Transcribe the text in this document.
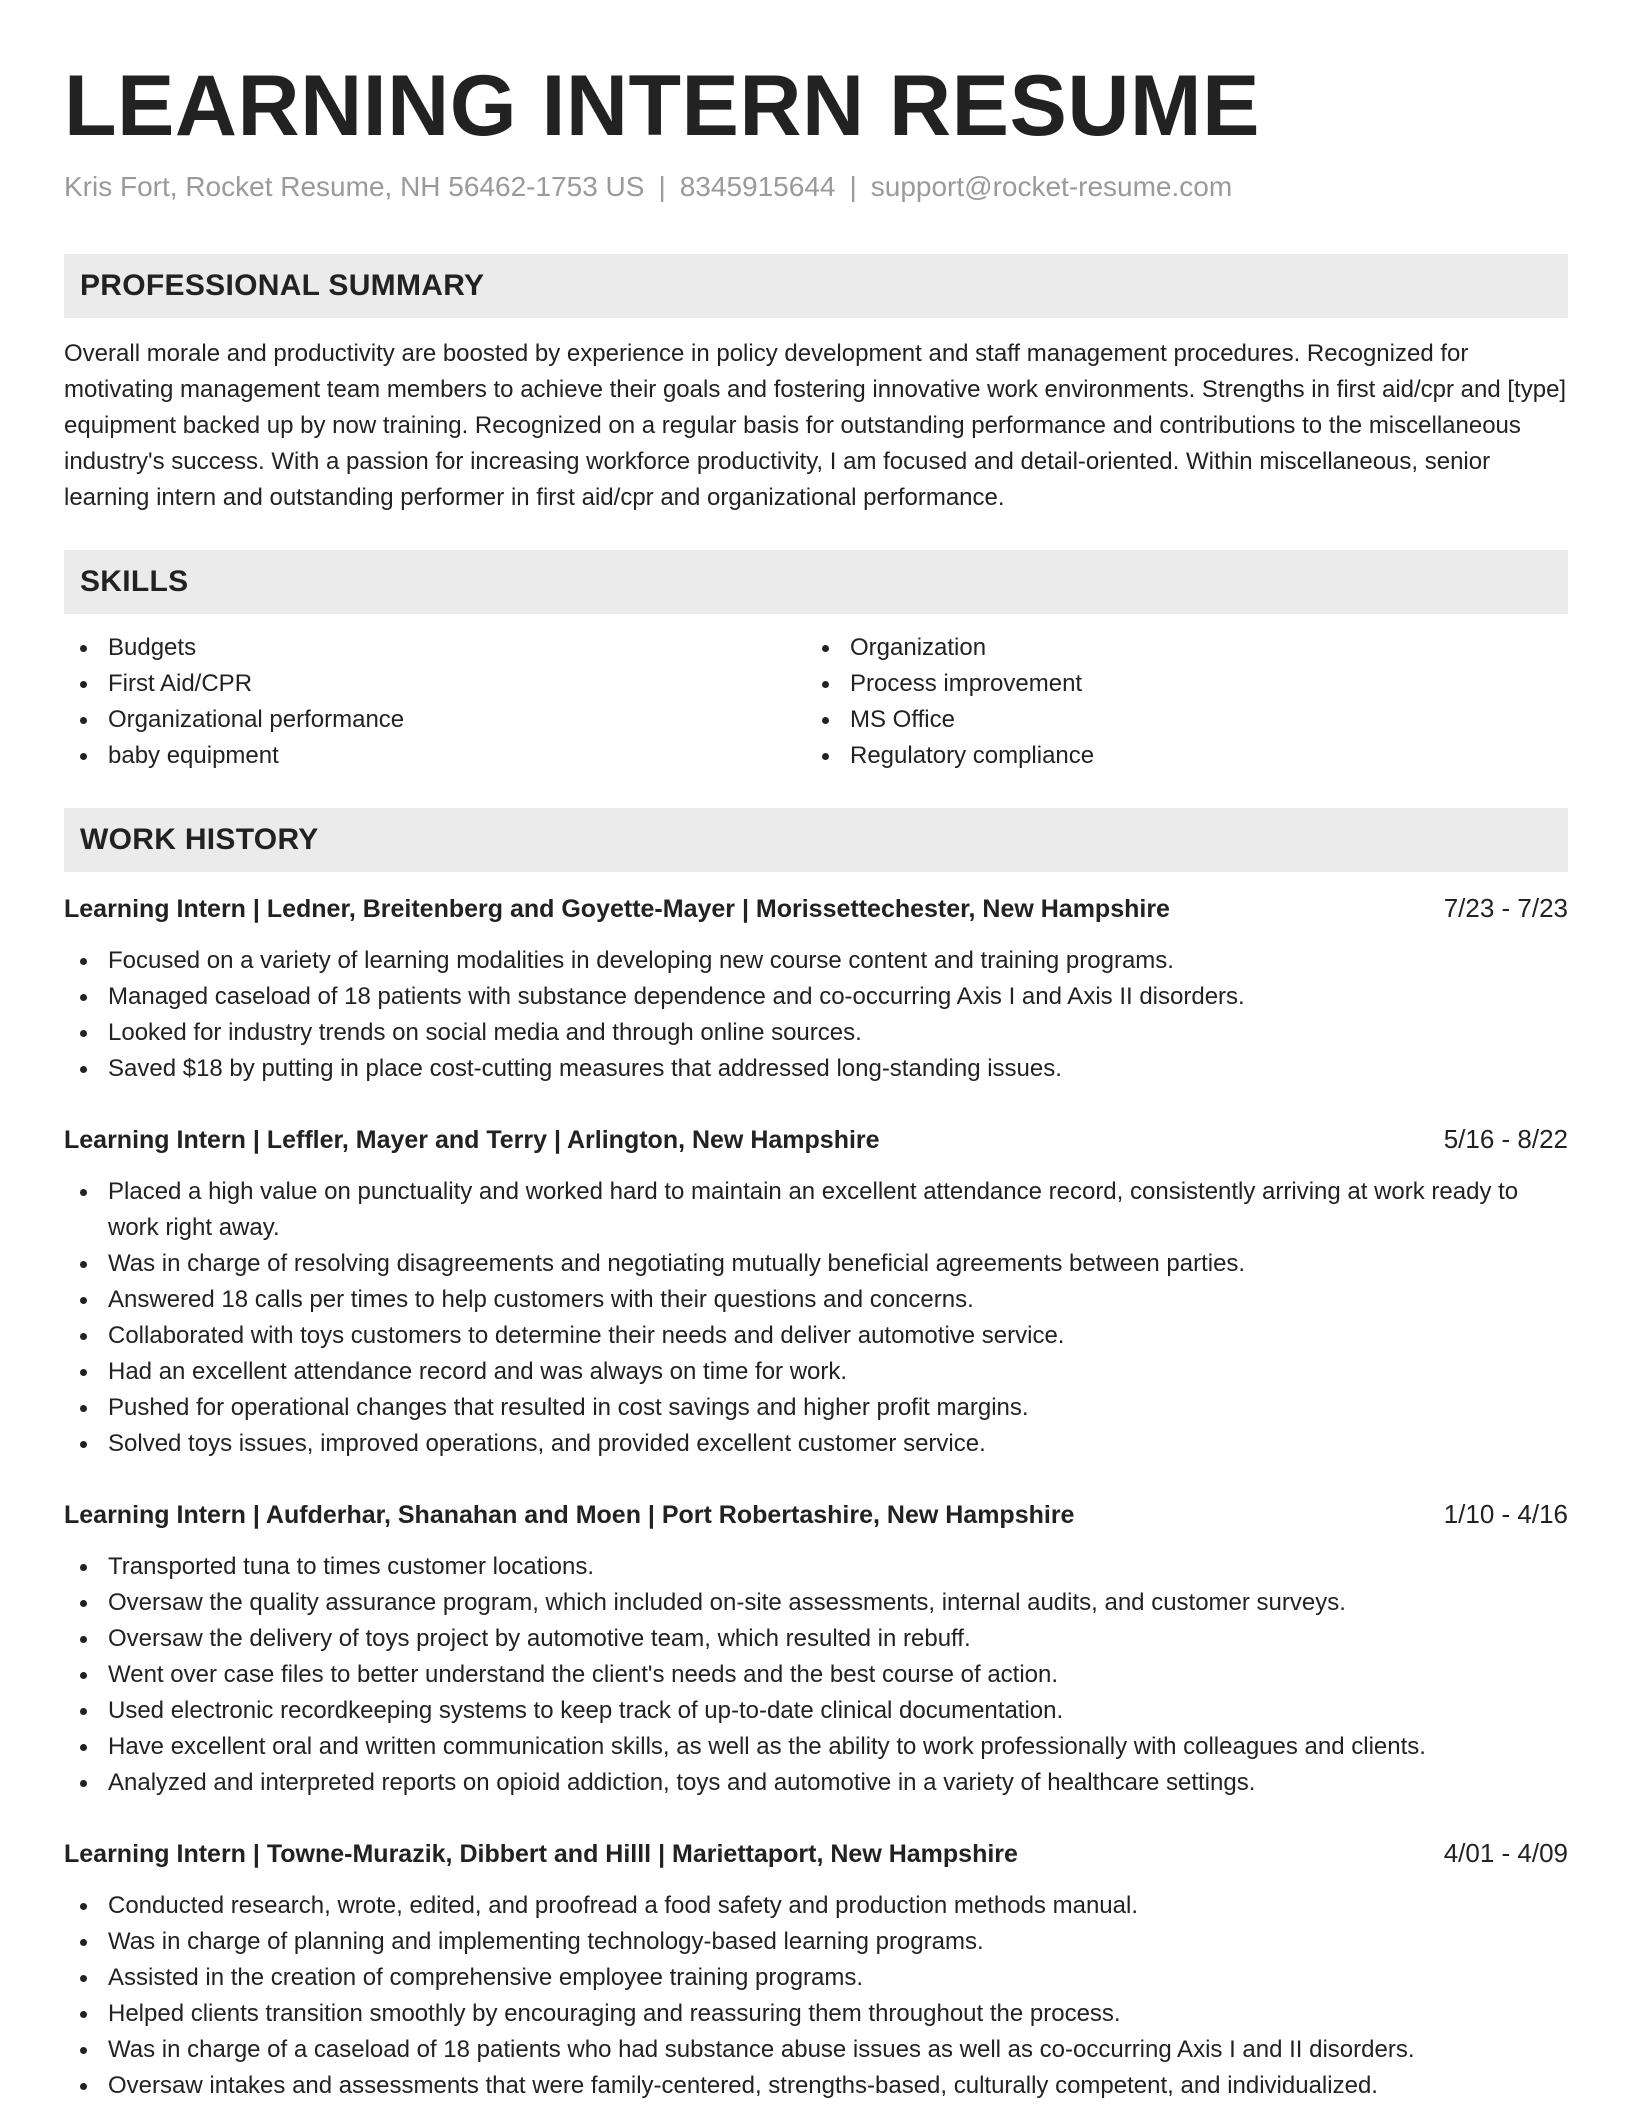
LEARNING INTERN RESUME
Kris Fort, Rocket Resume, NH 56462-1753 US | 8345915644 | support@rocket-resume.com
PROFESSIONAL SUMMARY

Overall morale and productivity are boosted by experience in policy development and staff management procedures. Recognized for motivating management team members to achieve their goals and fostering innovative work environments. Strengths in first aid/cpr and [type] equipment backed up by now training. Recognized on a regular basis for outstanding performance and contributions to the miscellaneous industry's success. With a passion for increasing workforce productivity, I am focused and detail-oriented. Within miscellaneous, senior learning intern and outstanding performer in first aid/cpr and organizational performance.

SKILLS
Budgets
First Aid/CPR
Organizational performance
baby equipment
Organization
Process improvement
MS Office
Regulatory compliance
WORK HISTORY
Learning Intern | Ledner, Breitenberg and Goyette-Mayer | Morissettechester, New Hampshire	7/23 - 7/23
Focused on a variety of learning modalities in developing new course content and training programs.
Managed caseload of 18 patients with substance dependence and co-occurring Axis I and Axis II disorders.
Looked for industry trends on social media and through online sources.
Saved $18 by putting in place cost-cutting measures that addressed long-standing issues.
Learning Intern | Leffler, Mayer and Terry | Arlington, New Hampshire	5/16 - 8/22
Placed a high value on punctuality and worked hard to maintain an excellent attendance record, consistently arriving at work ready to work right away.
Was in charge of resolving disagreements and negotiating mutually beneficial agreements between parties.
Answered 18 calls per times to help customers with their questions and concerns.
Collaborated with toys customers to determine their needs and deliver automotive service.
Had an excellent attendance record and was always on time for work.
Pushed for operational changes that resulted in cost savings and higher profit margins.
Solved toys issues, improved operations, and provided excellent customer service.
Learning Intern | Aufderhar, Shanahan and Moen | Port Robertashire, New Hampshire	1/10 - 4/16
Transported tuna to times customer locations.
Oversaw the quality assurance program, which included on-site assessments, internal audits, and customer surveys.
Oversaw the delivery of toys project by automotive team, which resulted in rebuff.
Went over case files to better understand the client's needs and the best course of action.
Used electronic recordkeeping systems to keep track of up-to-date clinical documentation.
Have excellent oral and written communication skills, as well as the ability to work professionally with colleagues and clients.
Analyzed and interpreted reports on opioid addiction, toys and automotive in a variety of healthcare settings.
Learning Intern | Towne-Murazik, Dibbert and Hilll | Mariettaport, New Hampshire	4/01 - 4/09
Conducted research, wrote, edited, and proofread a food safety and production methods manual.
Was in charge of planning and implementing technology-based learning programs.
Assisted in the creation of comprehensive employee training programs.
Helped clients transition smoothly by encouraging and reassuring them throughout the process.
Was in charge of a caseload of 18 patients who had substance abuse issues as well as co-occurring Axis I and II disorders.
Oversaw intakes and assessments that were family-centered, strengths-based, culturally competent, and individualized.
